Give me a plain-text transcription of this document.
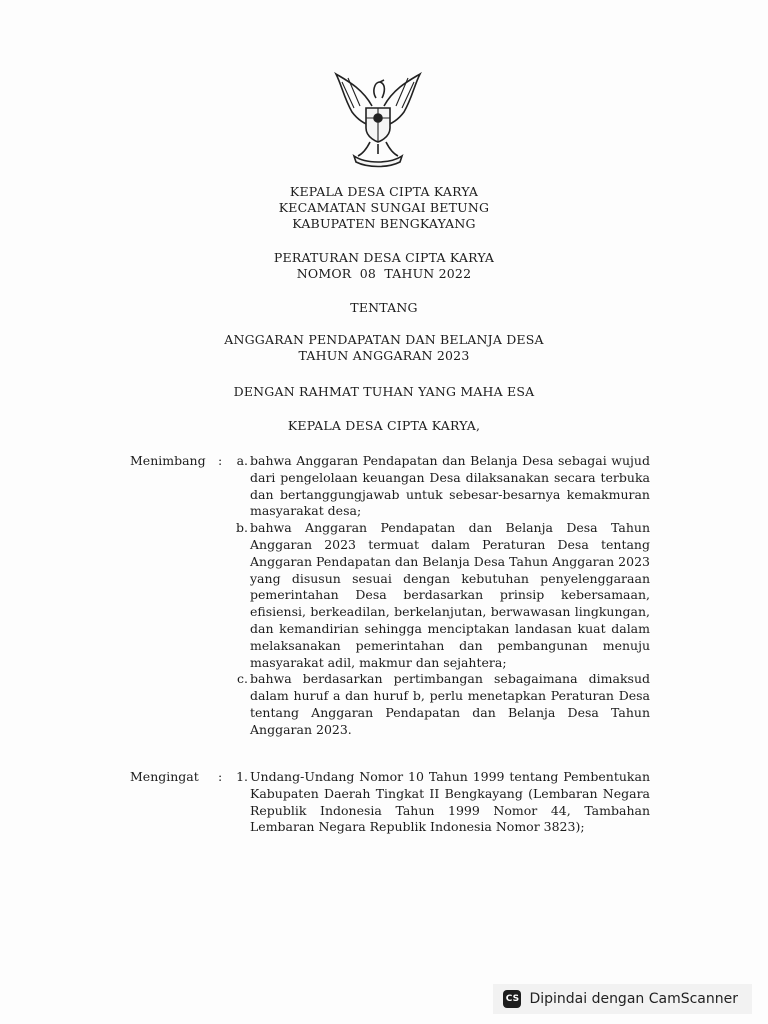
KEPALA DESA CIPTA KARYA
KECAMATAN SUNGAI BETUNG
KABUPATEN BENGKAYANG
PERATURAN DESA CIPTA KARYA
NOMOR  08  TAHUN 2022
TENTANG
ANGGARAN PENDAPATAN DAN BELANJA DESA
TAHUN ANGGARAN 2023
DENGAN RAHMAT TUHAN YANG MAHA ESA
KEPALA DESA CIPTA KARYA,
Menimbang :	a. bahwa Anggaran Pendapatan dan Belanja Desa sebagai wujud dari pengelolaan keuangan Desa dilaksanakan secara terbuka dan bertanggungjawab untuk sebesar-besarnya kemakmuran masyarakat desa;
b. bahwa Anggaran Pendapatan dan Belanja Desa Tahun Anggaran 2023 termuat dalam Peraturan Desa tentang Anggaran Pendapatan dan Belanja Desa Tahun Anggaran 2023 yang disusun sesuai dengan kebutuhan penyelenggaraan pemerintahan Desa berdasarkan prinsip kebersamaan, efisiensi, berkeadilan, berkelanjutan, berwawasan lingkungan, dan kemandirian sehingga menciptakan landasan kuat dalam melaksanakan pemerintahan dan pembangunan menuju masyarakat adil, makmur dan sejahtera;
c. bahwa berdasarkan pertimbangan sebagaimana dimaksud dalam huruf a dan huruf b, perlu menetapkan Peraturan Desa tentang Anggaran Pendapatan dan Belanja Desa Tahun Anggaran 2023.
Mengingat	:	1. Undang-Undang Nomor 10 Tahun 1999 tentang Pembentukan Kabupaten Daerah Tingkat II Bengkayang (Lembaran Negara Republik Indonesia Tahun 1999 Nomor 44, Tambahan Lembaran Negara Republik Indonesia Nomor 3823);
CS Dipindai dengan CamScanner
